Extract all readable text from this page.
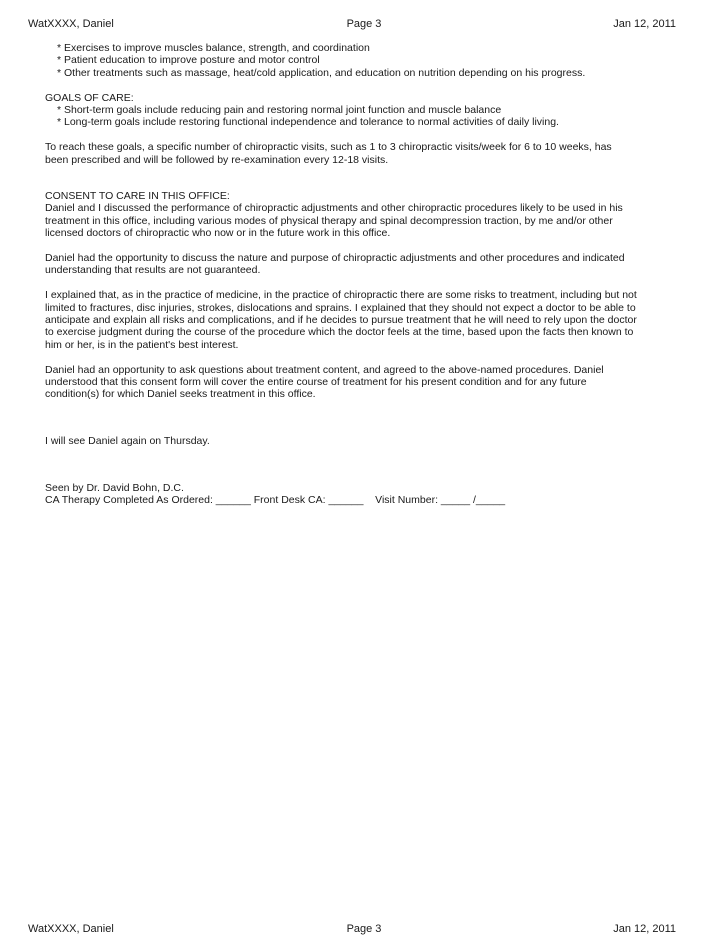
WatXXXX, Daniel	Page 3	Jan 12, 2011
* Exercises to improve muscles balance, strength, and coordination
* Patient education to improve posture and motor control
* Other treatments such as massage, heat/cold application, and education on nutrition depending on his progress.
GOALS OF CARE:
* Short-term goals include reducing pain and restoring normal joint function and muscle balance
* Long-term goals include restoring functional independence and tolerance to normal activities of daily living.
To reach these goals, a specific number of chiropractic visits, such as 1 to 3 chiropractic visits/week for 6 to 10 weeks, has
been prescribed and will be followed by re-examination every 12-18 visits.
CONSENT TO CARE IN THIS OFFICE:
Daniel and I discussed the performance of chiropractic adjustments and other chiropractic procedures likely to be used in his
treatment in this office, including various modes of physical therapy and spinal decompression traction, by me and/or other
licensed doctors of chiropractic who now or in the future work in this office.
Daniel had the opportunity to discuss the nature and purpose of chiropractic adjustments and other procedures and indicated
understanding that results are not guaranteed.
I explained that, as in the practice of medicine, in the practice of chiropractic there are some risks to treatment, including but not
limited to fractures, disc injuries, strokes, dislocations and sprains. I explained that they should not expect a doctor to be able to
anticipate and explain all risks and complications, and if he decides to pursue treatment that he will need to rely upon the doctor
to exercise judgment during the course of the procedure which the doctor feels at the time, based upon the facts then known to
him or her, is in the patient's best interest.
Daniel had an opportunity to ask questions about treatment content, and agreed to the above-named procedures. Daniel
understood that this consent form will cover the entire course of treatment for his present condition and for any future
condition(s) for which Daniel seeks treatment in this office.
I will see Daniel again on Thursday.
Seen by Dr. David Bohn, D.C.
CA Therapy Completed As Ordered: ______ Front Desk CA: ______    Visit Number: _____ /_____
WatXXXX, Daniel	Page 3	Jan 12, 2011
